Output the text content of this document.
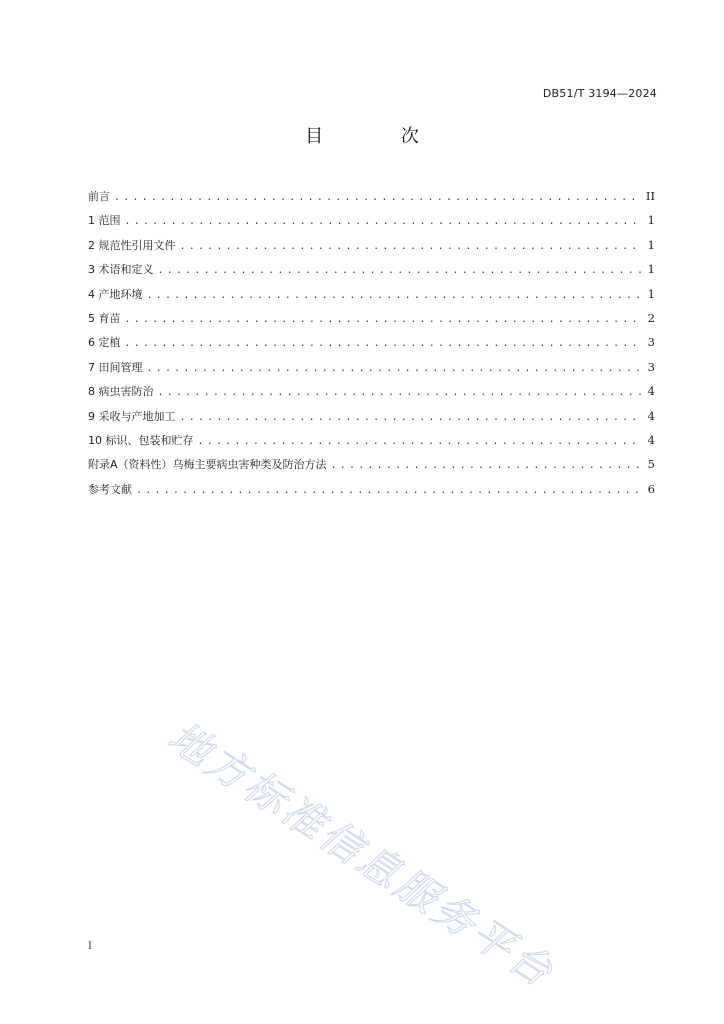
DB51/T 3194—2024
目 次
前言 .....	II
1 范围 .....	1
2 规范性引用文件 .....	1
3 术语和定义 .....	1
4 产地环境 .....	1
5 育苗 .....	2
6 定植 .....	3
7 田间管理 .....	3
8 病虫害防治 .....	4
9 采收与产地加工 .....	4
10 标识、包装和贮存 .....	4
附录A（资料性）乌梅主要病虫害种类及防治方法 .....	5
参考文献 .....	6
地方标准信息服务平台
I
